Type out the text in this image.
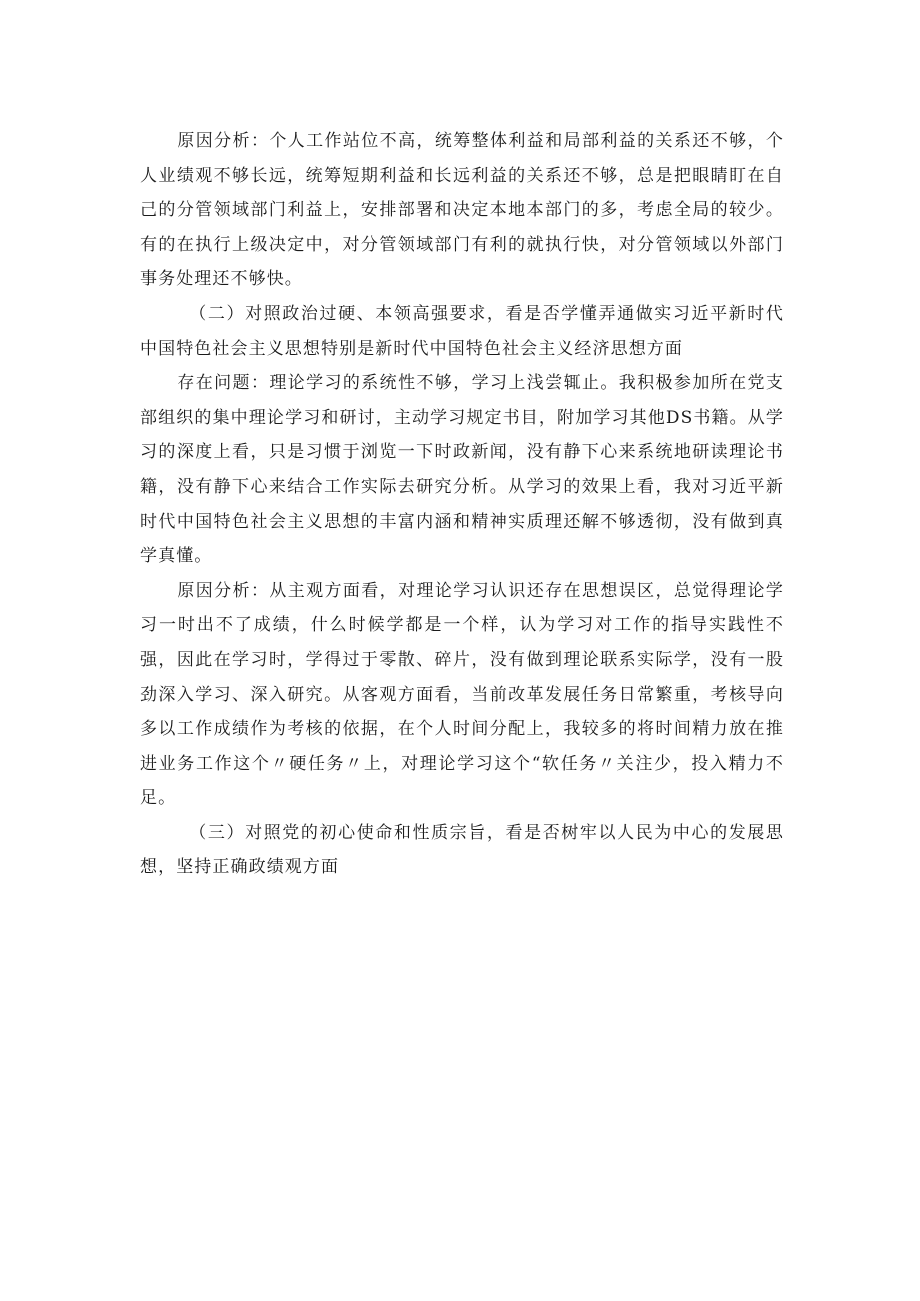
原因分析：个人工作站位不高，统筹整体利益和局部利益的关系还不够，个人业绩观不够长远，统筹短期利益和长远利益的关系还不够，总是把眼睛盯在自己的分管领域部门利益上，安排部署和决定本地本部门的多，考虑全局的较少。有的在执行上级决定中，对分管领域部门有利的就执行快，对分管领域以外部门事务处理还不够快。

（二）对照政治过硬、本领高强要求，看是否学懂弄通做实习近平新时代中国特色社会主义思想特别是新时代中国特色社会主义经济思想方面

存在问题：理论学习的系统性不够，学习上浅尝辄止。我积极参加所在党支部组织的集中理论学习和研讨，主动学习规定书目，附加学习其他DS书籍。从学习的深度上看，只是习惯于浏览一下时政新闻，没有静下心来系统地研读理论书籍，没有静下心来结合工作实际去研究分析。从学习的效果上看，我对习近平新时代中国特色社会主义思想的丰富内涵和精神实质理还解不够透彻，没有做到真学真懂。

原因分析：从主观方面看，对理论学习认识还存在思想误区，总觉得理论学习一时出不了成绩，什么时候学都是一个样，认为学习对工作的指导实践性不强，因此在学习时，学得过于零散、碎片，没有做到理论联系实际学，没有一股劲深入学习、深入研究。从客观方面看，当前改革发展任务日常繁重，考核导向多以工作成绩作为考核的依据，在个人时间分配上，我较多的将时间精力放在推进业务工作这个〃硬任务〃上，对理论学习这个“软任务〃关注少，投入精力不足。

（三）对照党的初心使命和性质宗旨，看是否树牢以人民为中心的发展思想，坚持正确政绩观方面
